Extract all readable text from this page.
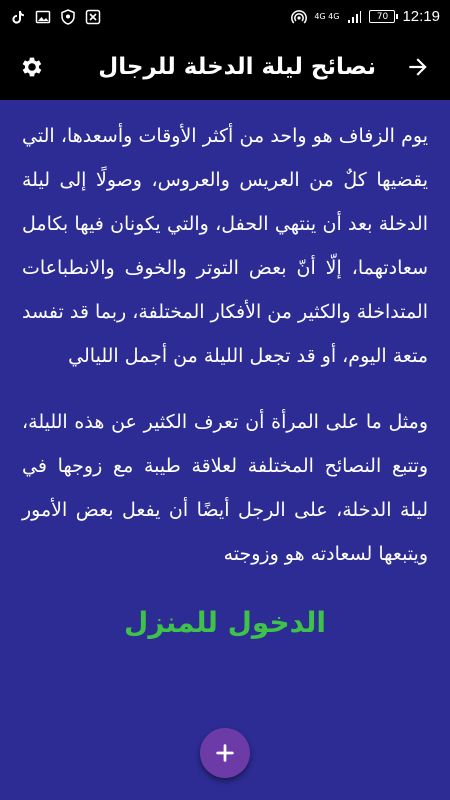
4G 4G	70 12:19
نصائح ليلة الدخلة للرجال

يوم الزفاف هو واحد من أكثر الأوقات وأسعدها، التي يقضيها كلٌ من العريس والعروس، وصولًا إلى ليلة الدخلة بعد أن ينتهي الحفل، والتي يكونان فيها بكامل سعادتهما، إلّا أنّ بعض التوتر والخوف والانطباعات المتداخلة والكثير من الأفكار المختلفة، ربما قد تفسد متعة اليوم، أو قد تجعل الليلة من أجمل الليالي

ومثل ما على المرأة أن تعرف الكثير عن هذه الليلة، وتتبع النصائح المختلفة لعلاقة طيبة مع زوجها في ليلة الدخلة، على الرجل أيضًا أن يفعل بعض الأمور ويتبعها لسعادته هو وزوجته

الدخول للمنزل
